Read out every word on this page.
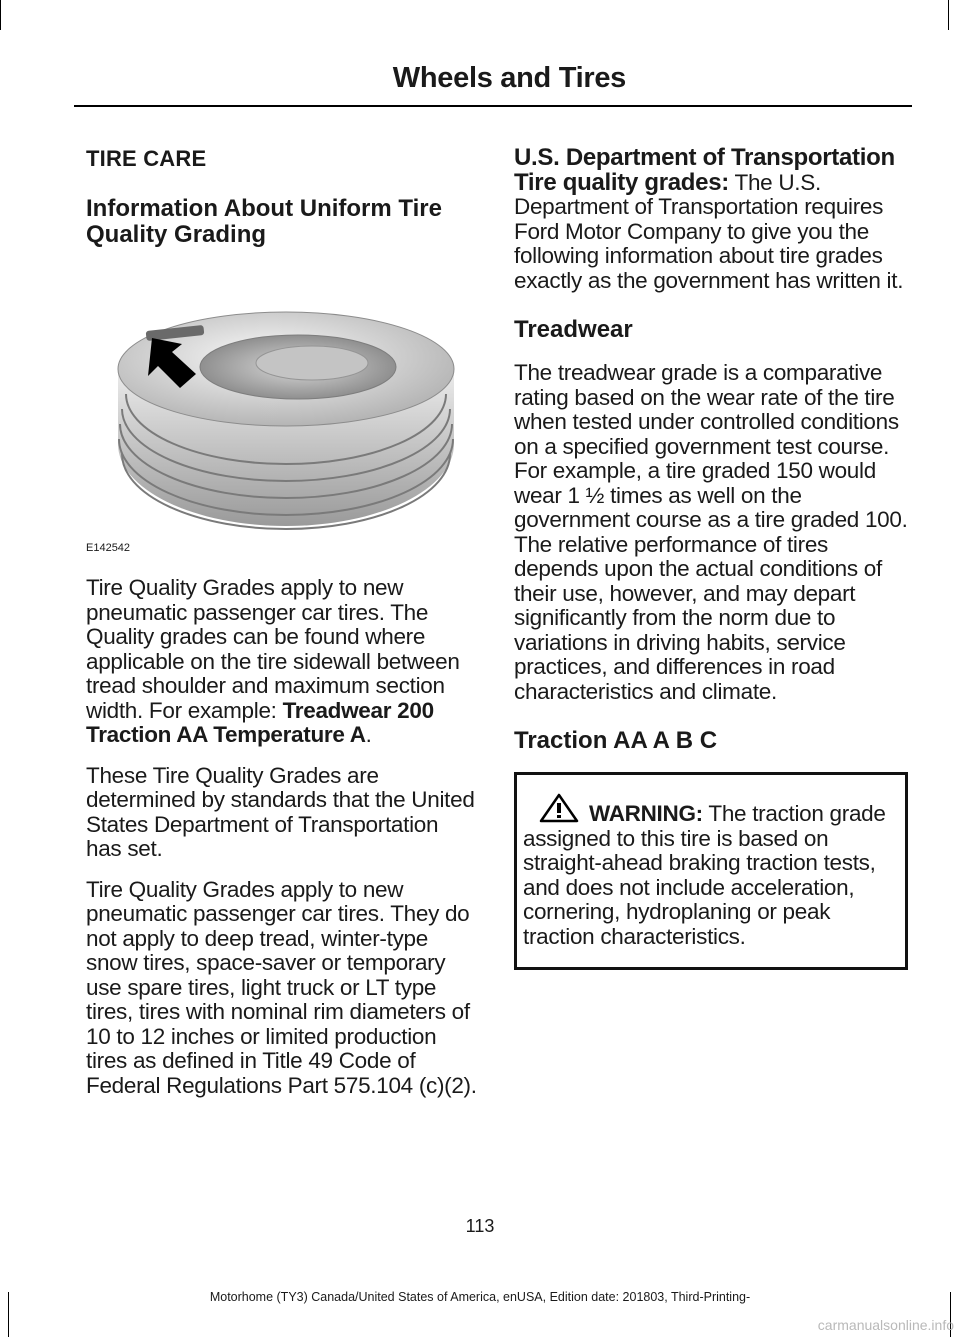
Wheels and Tires
TIRE CARE
Information About Uniform Tire Quality Grading
E142542

Tire Quality Grades apply to new pneumatic passenger car tires. The Quality grades can be found where applicable on the tire sidewall between tread shoulder and maximum section width. For example: Treadwear 200 Traction AA Temperature A.

These Tire Quality Grades are determined by standards that the United States Department of Transportation has set.

Tire Quality Grades apply to new pneumatic passenger car tires. They do not apply to deep tread, winter-type snow tires, space-saver or temporary use spare tires, light truck or LT type tires, tires with nominal rim diameters of 10 to 12 inches or limited production tires as defined in Title 49 Code of Federal Regulations Part 575.104 (c)(2).

U.S. Department of Transportation Tire quality grades: The U.S. Department of Transportation requires Ford Motor Company to give you the following information about tire grades exactly as the government has written it.

Treadwear

The treadwear grade is a comparative rating based on the wear rate of the tire when tested under controlled conditions on a specified government test course. For example, a tire graded 150 would wear 1 ½ times as well on the government course as a tire graded 100. The relative performance of tires depends upon the actual conditions of their use, however, and may depart significantly from the norm due to variations in driving habits, service practices, and differences in road characteristics and climate.

Traction AA A B C
WARNING: The traction grade assigned to this tire is based on straight-ahead braking traction tests, and does not include acceleration, cornering, hydroplaning or peak traction characteristics.
113
Motorhome (TY3) Canada/United States of America, enUSA, Edition date: 201803, Third-Printing-
carmanualsonline.info
